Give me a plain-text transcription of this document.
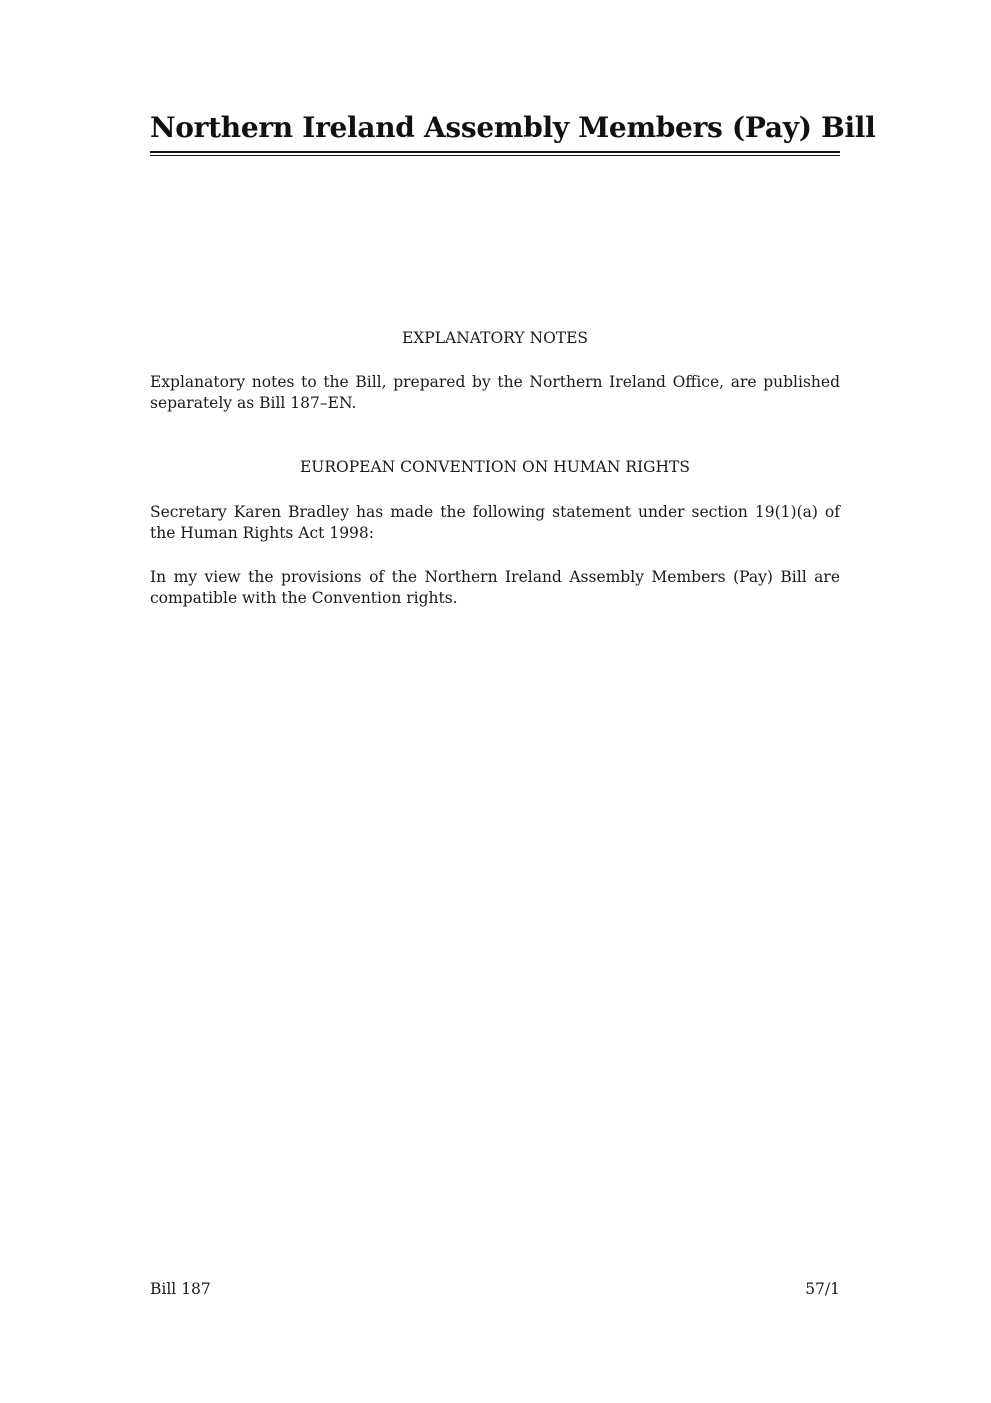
Northern Ireland Assembly Members (Pay) Bill
EXPLANATORY NOTES

Explanatory notes to the Bill, prepared by the Northern Ireland Office, are published separately as Bill 187–EN.

EUROPEAN CONVENTION ON HUMAN RIGHTS

Secretary Karen Bradley has made the following statement under section 19(1)(a) of the Human Rights Act 1998:

In my view the provisions of the Northern Ireland Assembly Members (Pay) Bill are compatible with the Convention rights.

Bill 187	57/1
